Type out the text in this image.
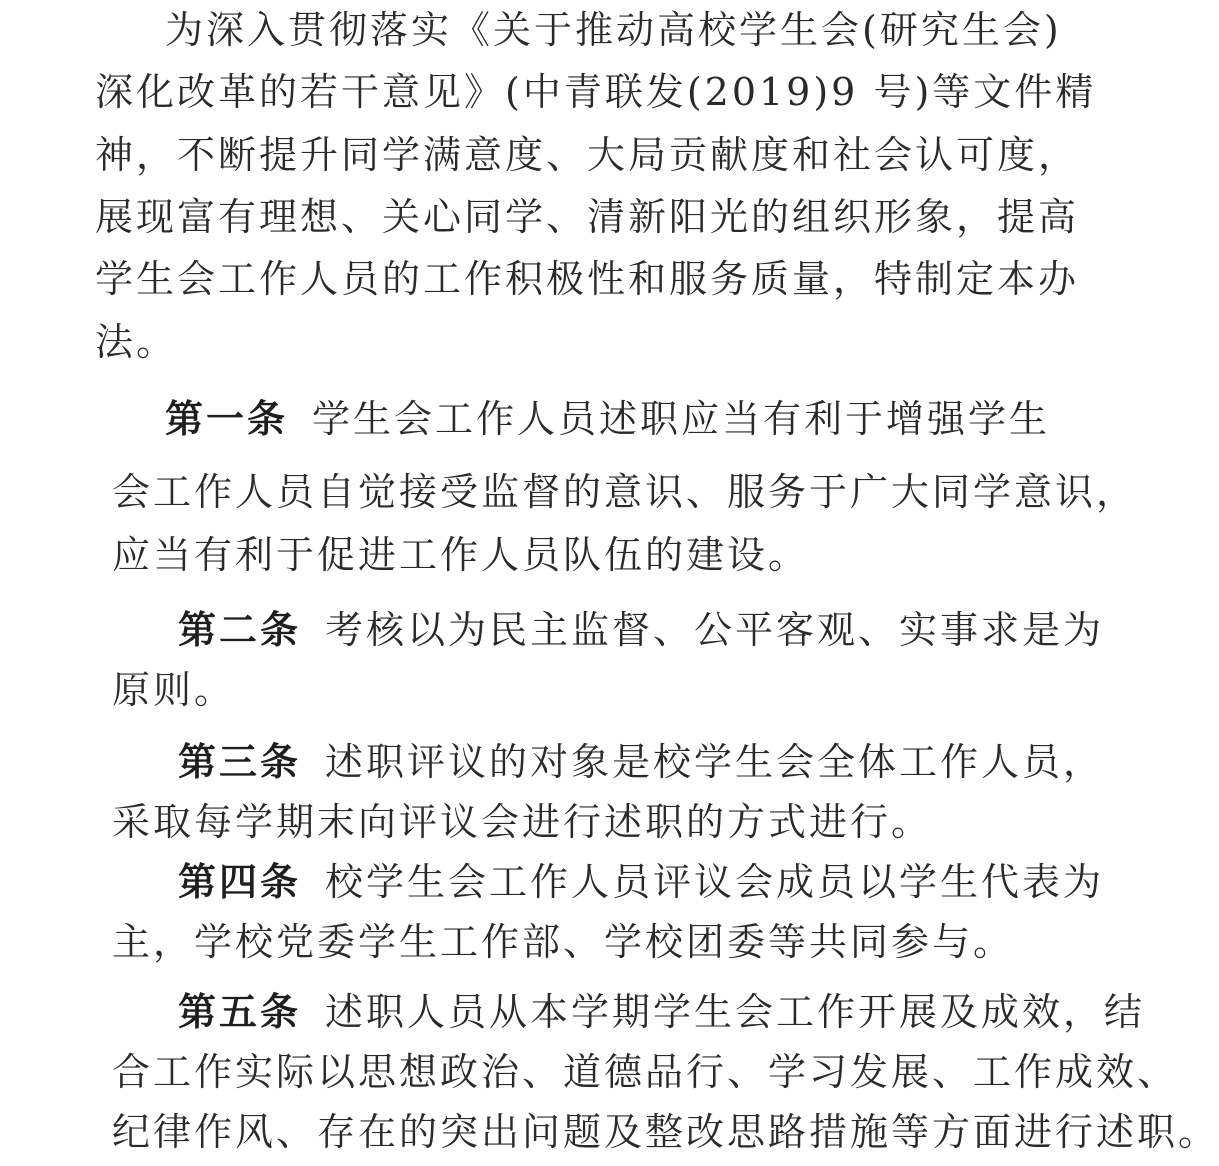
为深入贯彻落实《关于推动高校学生会(研究生会)
深化改革的若干意见》(中青联发(2019)9 号)等文件精
神，不断提升同学满意度、大局贡献度和社会认可度，
展现富有理想、关心同学、清新阳光的组织形象，提高
学生会工作人员的工作积极性和服务质量，特制定本办
法。
第一条 学生会工作人员述职应当有利于增强学生
会工作人员自觉接受监督的意识、服务于广大同学意识，
应当有利于促进工作人员队伍的建设。
第二条 考核以为民主监督、公平客观、实事求是为
原则。
第三条 述职评议的对象是校学生会全体工作人员，
采取每学期末向评议会进行述职的方式进行。
第四条 校学生会工作人员评议会成员以学生代表为
主，学校党委学生工作部、学校团委等共同参与。
第五条 述职人员从本学期学生会工作开展及成效，结
合工作实际以思想政治、道德品行、学习发展、工作成效、
纪律作风、存在的突出问题及整改思路措施等方面进行述职。
